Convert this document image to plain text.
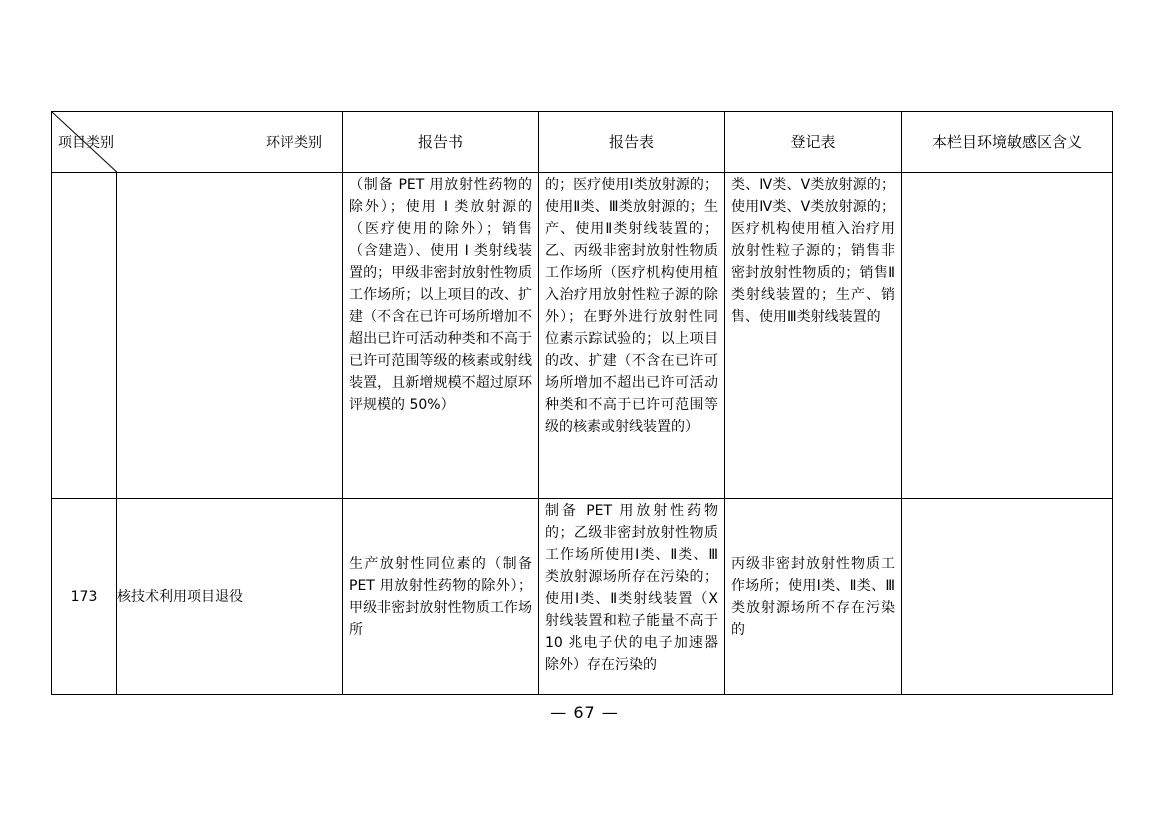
项目类别 环评类别		报告书	报告表	登记表	本栏目环境敏感区含义

		（制备 PET 用放射性药物的除外）；使用 I 类放射源的（医疗使用的除外）；销售（含建造）、使用 I 类射线装置的；甲级非密封放射性物质工作场所；以上项目的改、扩建（不含在已许可场所增加不超出已许可活动种类和不高于已许可范围等级的核素或射线装置，且新增规模不超过原环评规模的 50%）	的；医疗使用Ⅰ类放射源的；使用Ⅱ类、Ⅲ类放射源的；生产、使用Ⅱ类射线装置的；乙、丙级非密封放射性物质工作场所（医疗机构使用植入治疗用放射性粒子源的除外）；在野外进行放射性同位素示踪试验的；以上项目的改、扩建（不含在已许可场所增加不超出已许可活动种类和不高于已许可范围等级的核素或射线装置的）	类、Ⅳ类、Ⅴ类放射源的；使用Ⅳ类、Ⅴ类放射源的；医疗机构使用植入治疗用放射性粒子源的；销售非密封放射性物质的；销售Ⅱ类射线装置的；生产、销售、使用Ⅲ类射线装置的	

173	核技术利用项目退役	生产放射性同位素的（制备 PET 用放射性药物的除外）；甲级非密封放射性物质工作场所	制备 PET 用放射性药物的；乙级非密封放射性物质工作场所使用Ⅰ类、Ⅱ类、Ⅲ类放射源场所存在污染的；使用Ⅰ类、Ⅱ类射线装置（X 射线装置和粒子能量不高于 10 兆电子伏的电子加速器除外）存在污染的	丙级非密封放射性物质工作场所；使用Ⅰ类、Ⅱ类、Ⅲ类放射源场所不存在污染的	

— 67 —
